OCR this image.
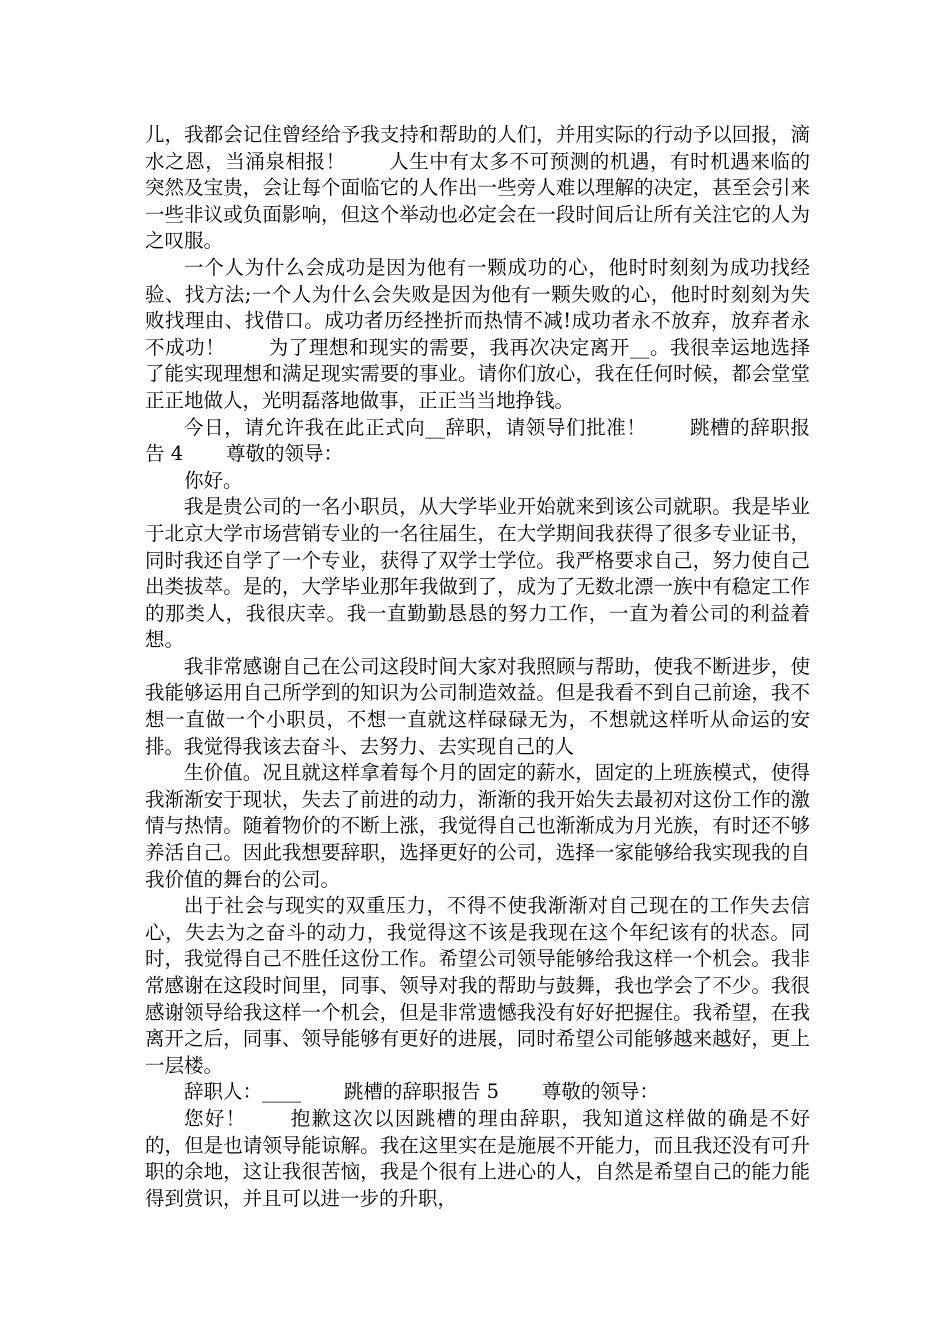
儿，我都会记住曾经给予我支持和帮助的人们，并用实际的行动予以回报，滴水之恩，当涌泉相报！ 人生中有太多不可预测的机遇，有时机遇来临的突然及宝贵，会让每个面临它的人作出一些旁人难以理解的决定，甚至会引来一些非议或负面影响，但这个举动也必定会在一段时间后让所有关注它的人为之叹服。

一个人为什么会成功是因为他有一颗成功的心，他时时刻刻为成功找经验、找方法;一个人为什么会失败是因为他有一颗失败的心，他时时刻刻为失败找理由、找借口。成功者历经挫折而热情不减!成功者永不放弃，放弃者永不成功！ 为了理想和现实的需要，我再次决定离开__。我很幸运地选择了能实现理想和满足现实需要的事业。请你们放心，我在任何时候，都会堂堂正正地做人，光明磊落地做事，正正当当地挣钱。

今日，请允许我在此正式向__辞职，请领导们批准！ 跳槽的辞职报告 4 尊敬的领导：

你好。

我是贵公司的一名小职员，从大学毕业开始就来到该公司就职。我是毕业于北京大学市场营销专业的一名往届生，在大学期间我获得了很多专业证书，同时我还自学了一个专业，获得了双学士学位。我严格要求自己，努力使自己出类拔萃。是的，大学毕业那年我做到了，成为了无数北漂一族中有稳定工作的那类人，我很庆幸。我一直勤勤恳恳的努力工作，一直为着公司的利益着想。

我非常感谢自己在公司这段时间大家对我照顾与帮助，使我不断进步，使我能够运用自己所学到的知识为公司制造效益。但是我看不到自己前途，我不想一直做一个小职员，不想一直就这样碌碌无为，不想就这样听从命运的安排。我觉得我该去奋斗、去努力、去实现自己的人

生价值。况且就这样拿着每个月的固定的薪水，固定的上班族模式，使得我渐渐安于现状，失去了前进的动力，渐渐的我开始失去最初对这份工作的激情与热情。随着物价的不断上涨，我觉得自己也渐渐成为月光族，有时还不够养活自己。因此我想要辞职，选择更好的公司，选择一家能够给我实现我的自我价值的舞台的公司。

出于社会与现实的双重压力，不得不使我渐渐对自己现在的工作失去信心，失去为之奋斗的动力，我觉得这不该是我现在这个年纪该有的状态。同时，我觉得自己不胜任这份工作。希望公司领导能够给我这样一个机会。我非常感谢在这段时间里，同事、领导对我的帮助与鼓舞，我也学会了不少。我很感谢领导给我这样一个机会，但是非常遗憾我没有好好把握住。我希望，在我离开之后，同事、领导能够有更好的进展，同时希望公司能够越来越好，更上一层楼。

辞职人：____ 跳槽的辞职报告 5 尊敬的领导：

您好！ 抱歉这次以因跳槽的理由辞职，我知道这样做的确是不好的，但是也请领导能谅解。我在这里实在是施展不开能力，而且我还没有可升职的余地，这让我很苦恼，我是个很有上进心的人，自然是希望自己的能力能得到赏识，并且可以进一步的升职，
